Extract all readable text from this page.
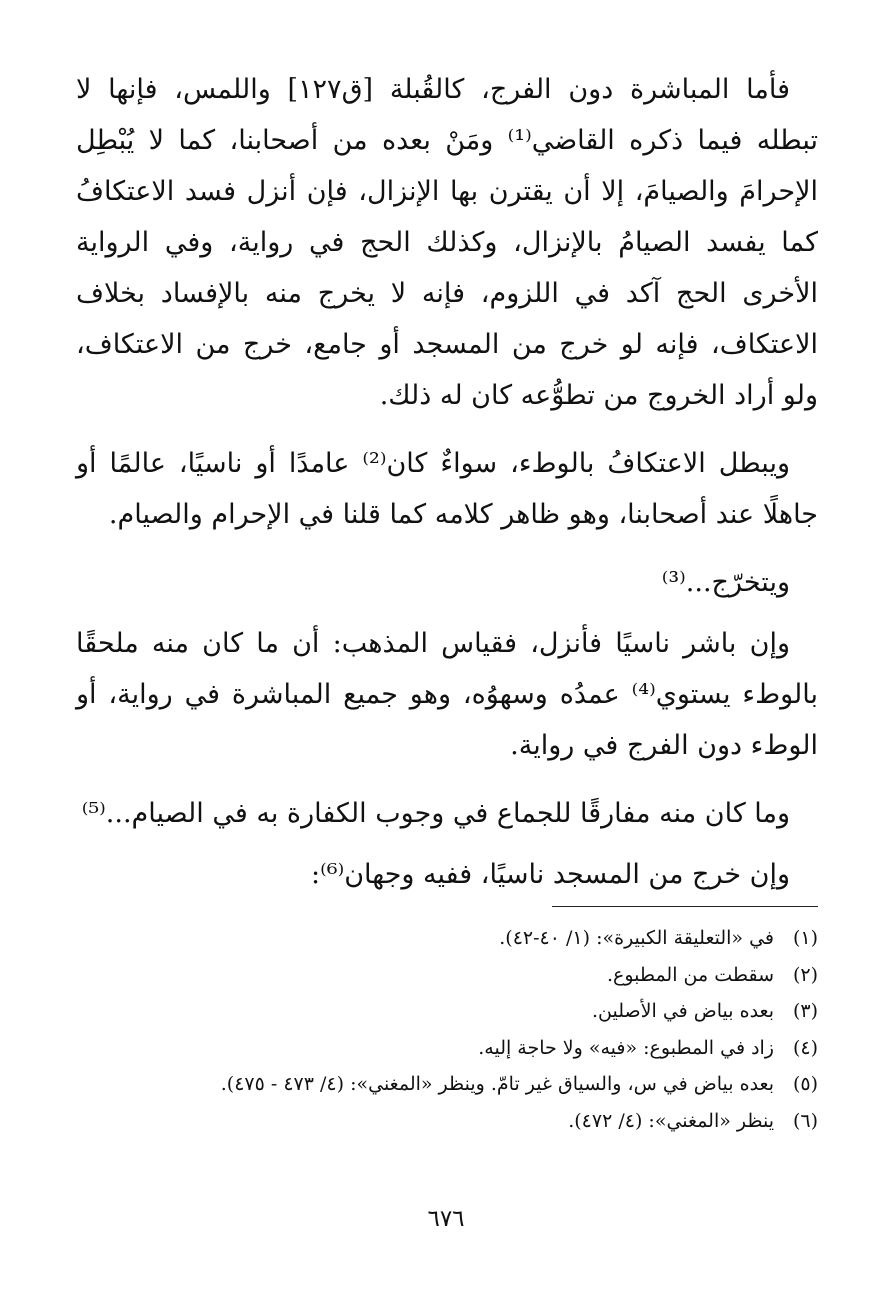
فأما المباشرة دون الفرج، كالقُبلة [ق١٢٧] واللمس، فإنها لا تبطله فيما ذكره القاضي⁽¹⁾ ومَنْ بعده من أصحابنا، كما لا يُبْطِل الإحرامَ والصيامَ، إلا أن يقترن بها الإنزال، فإن أنزل فسد الاعتكافُ كما يفسد الصيامُ بالإنزال، وكذلك الحج في رواية، وفي الرواية الأخرى الحج آكد في اللزوم، فإنه لا يخرج منه بالإفساد بخلاف الاعتكاف، فإنه لو خرج من المسجد أو جامع، خرج من الاعتكاف، ولو أراد الخروج من تطوُّعه كان له ذلك.

ويبطل الاعتكافُ بالوطء، سواءٌ كان⁽²⁾ عامدًا أو ناسيًا، عالمًا أو جاهلًا عند أصحابنا، وهو ظاهر كلامه كما قلنا في الإحرام والصيام.

ويتخرّج...⁽³⁾

وإن باشر ناسيًا فأنزل، فقياس المذهب: أن ما كان منه ملحقًا بالوطء يستوي⁽⁴⁾ عمدُه وسهوُه، وهو جميع المباشرة في رواية، أو الوطء دون الفرج في رواية.

وما كان منه مفارقًا للجماع في وجوب الكفارة به في الصيام...⁽⁵⁾

وإن خرج من المسجد ناسيًا، ففيه وجهان⁽⁶⁾:

(١)في «التعليقة الكبيرة»: (١/ ٤٠-٤٢).
(٢)سقطت من المطبوع.
(٣)بعده بياض في الأصلين.
(٤)زاد في المطبوع: «فيه» ولا حاجة إليه.
(٥)بعده بياض في س، والسياق غير تامّ. وينظر «المغني»: (٤/ ٤٧٣ - ٤٧٥).
(٦)ينظر «المغني»: (٤/ ٤٧٢).
٦٧٦
